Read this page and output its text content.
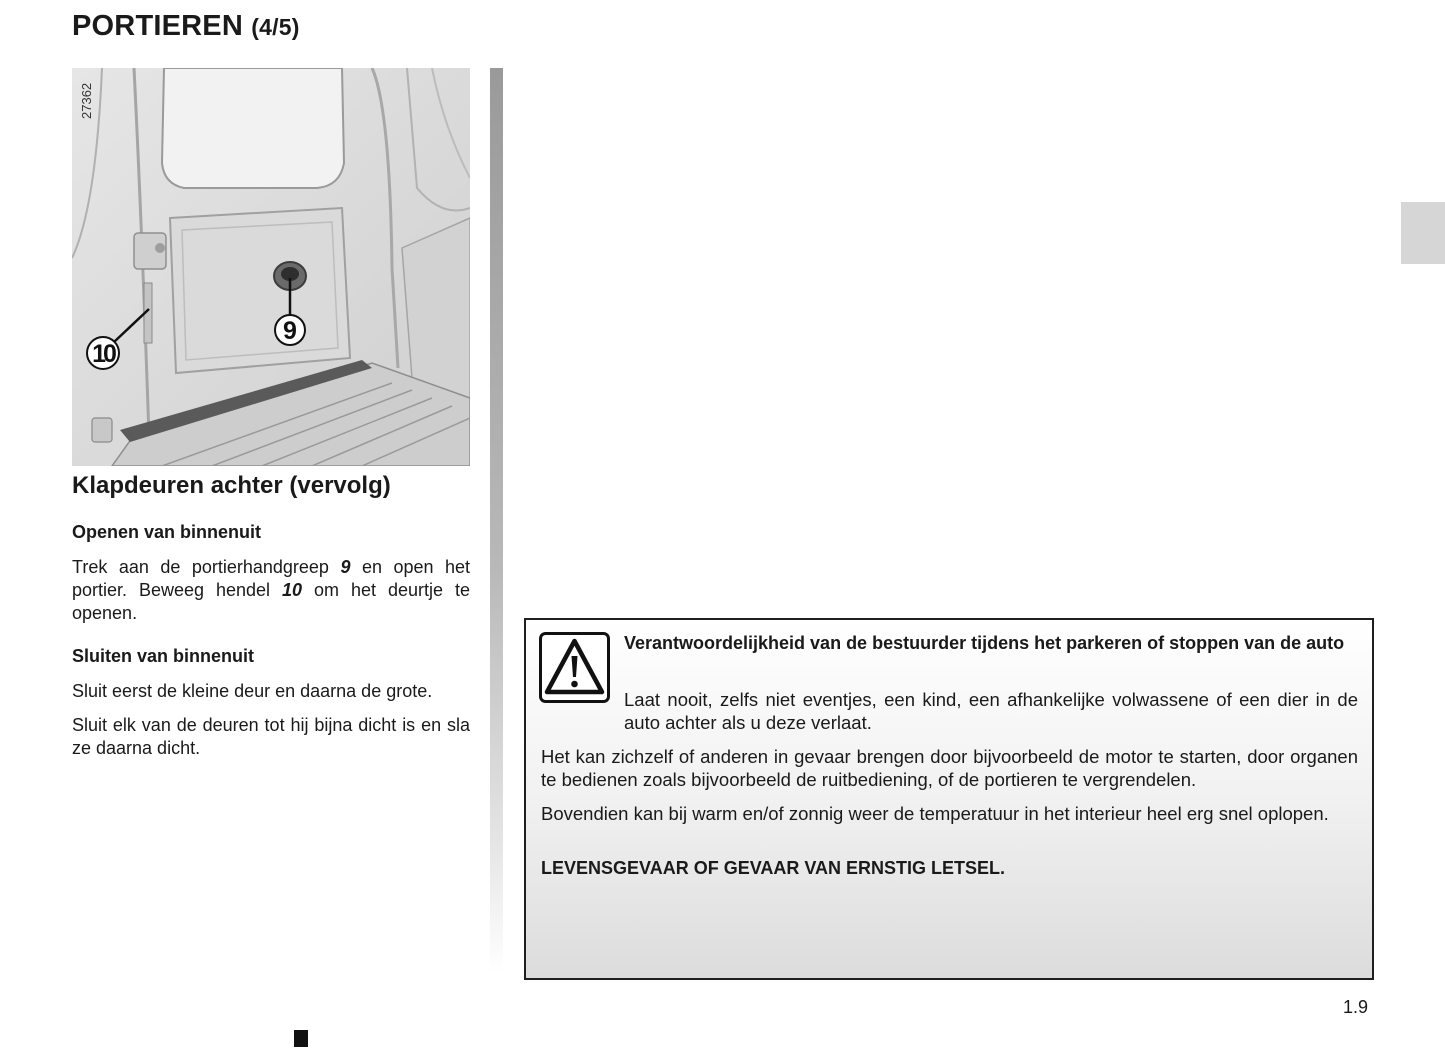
PORTIEREN (4/5)
9
10
27362
Klapdeuren achter (vervolg)
Openen van binnenuit

Trek aan de portierhandgreep 9 en open het portier. Beweeg hendel 10 om het deurtje te openen.

Sluiten van binnenuit

Sluit eerst de kleine deur en daarna de grote.

Sluit elk van de deuren tot hij bijna dicht is en sla ze daarna dicht.

Verantwoordelijkheid van de bestuurder tijdens het parkeren of stoppen van de auto

Laat nooit, zelfs niet eventjes, een kind, een afhankelijke volwassene of een dier in de auto achter als u deze verlaat.

Het kan zichzelf of anderen in gevaar brengen door bijvoorbeeld de motor te starten, door organen te bedienen zoals bijvoorbeeld de ruitbediening, of de portieren te vergrendelen.

Bovendien kan bij warm en/of zonnig weer de temperatuur in het interieur heel erg snel oplopen.

LEVENSGEVAAR OF GEVAAR VAN ERNSTIG LETSEL.

1.9
